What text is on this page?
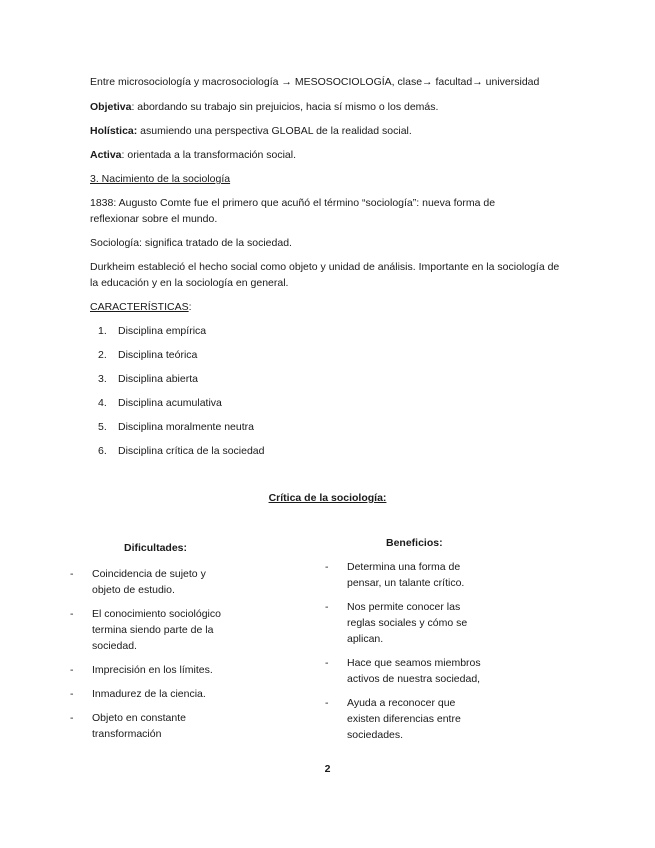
Entre microsociología y macrosociología → MESOSOCIOLOGÍA, clase→ facultad→ universidad
Objetiva: abordando su trabajo sin prejuicios, hacia sí mismo o los demás.
Holística: asumiendo una perspectiva GLOBAL de la realidad social.
Activa: orientada a la transformación social.
3. Nacimiento de la sociología
1838: Augusto Comte fue el primero que acuñó el término “sociología”: nueva forma de reflexionar sobre el mundo.
Sociología: significa tratado de la sociedad.
Durkheim estableció el hecho social como objeto y unidad de análisis. Importante en la sociología de la educación y en la sociología en general.
CARACTERÍSTICAS:
1. Disciplina empírica
2. Disciplina teórica
3. Disciplina abierta
4. Disciplina acumulativa
5. Disciplina moralmente neutra
6. Disciplina crítica de la sociedad
Crítica de la sociología:
Dificultades:
- Coincidencia de sujeto y objeto de estudio.
- El conocimiento sociológico termina siendo parte de la sociedad.
- Imprecisión en los límites.
- Inmadurez de la ciencia.
- Objeto en constante transformación
Beneficios:
- Determina una forma de pensar, un talante crítico.
- Nos permite conocer las reglas sociales y cómo se aplican.
- Hace que seamos miembros activos de nuestra sociedad,
- Ayuda a reconocer que existen diferencias entre sociedades.
2
